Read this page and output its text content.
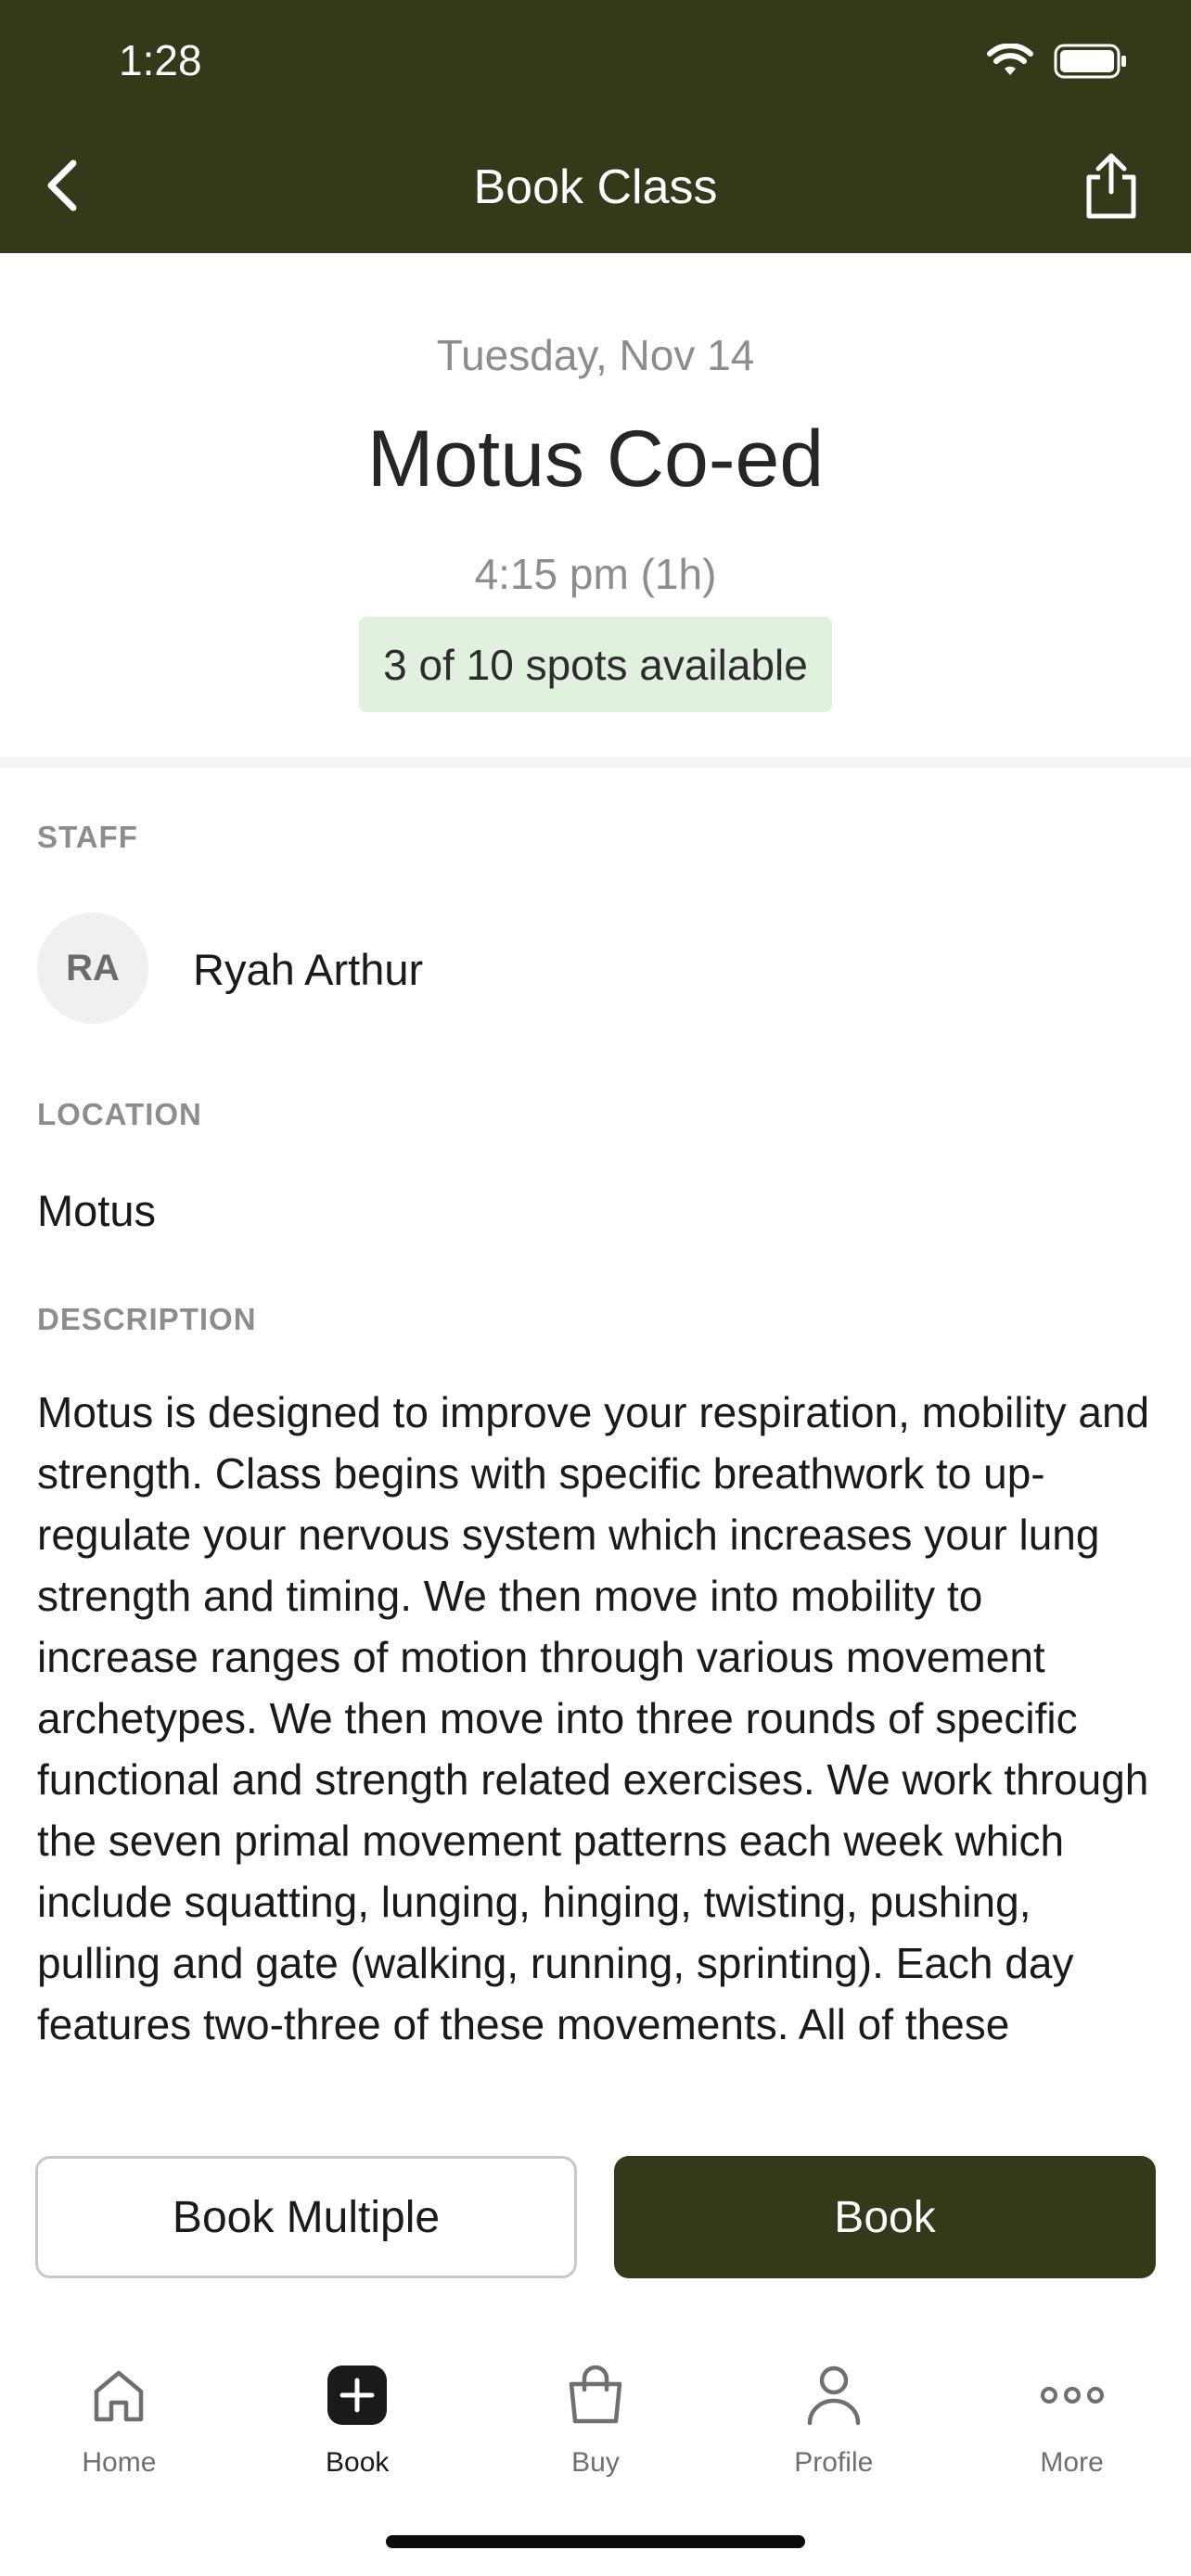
1:28
Book Class
Tuesday, Nov 14
Motus Co-ed
4:15 pm (1h)
3 of 10 spots available
STAFF
RA	Ryah Arthur
LOCATION
Motus
DESCRIPTION
Motus is designed to improve your respiration, mobility and strength. Class begins with specific breathwork to up-regulate your nervous system which increases your lung strength and timing. We then move into mobility to increase ranges of motion through various movement archetypes. We then move into three rounds of specific functional and strength related exercises. We work through the seven primal movement patterns each week which include squatting, lunging, hinging, twisting, pushing, pulling and gate (walking, running, sprinting). Each day features two-three of these movements. All of these
Book Multiple	Book
Home	Book	Buy	Profile	More
